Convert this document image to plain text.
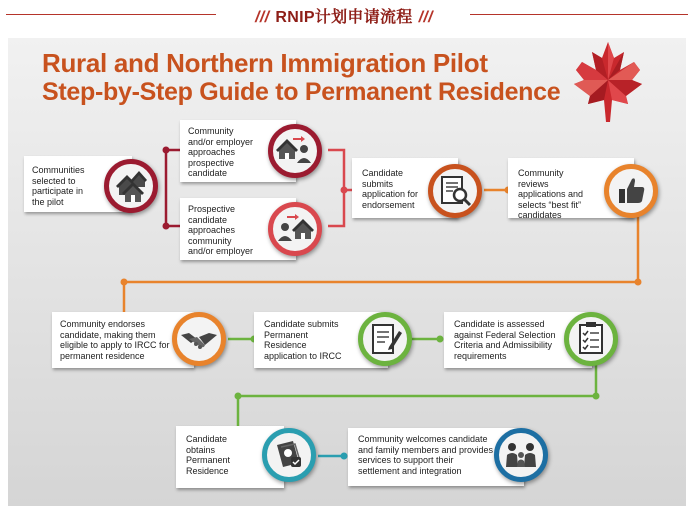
/// RNIP计划申请流程 ///
Rural and Northern Immigration Pilot
Step-by-Step Guide to Permanent Residence
Communities selected to participate in the pilot
Community and/or employer approaches prospective candidate
Prospective candidate approaches community and/or employer
Candidate submits application for endorsement
Community reviews applications and selects “best fit” candidates
Community endorses candidate, making them eligible to apply to IRCC for permanent residence
Candidate submits Permanent Residence application to IRCC
Candidate is assessed against Federal Selection Criteria and Admissibility requirements
Candidate obtains Permanent Residence
Community welcomes candidate and family members and provides services to support their settlement and integration
